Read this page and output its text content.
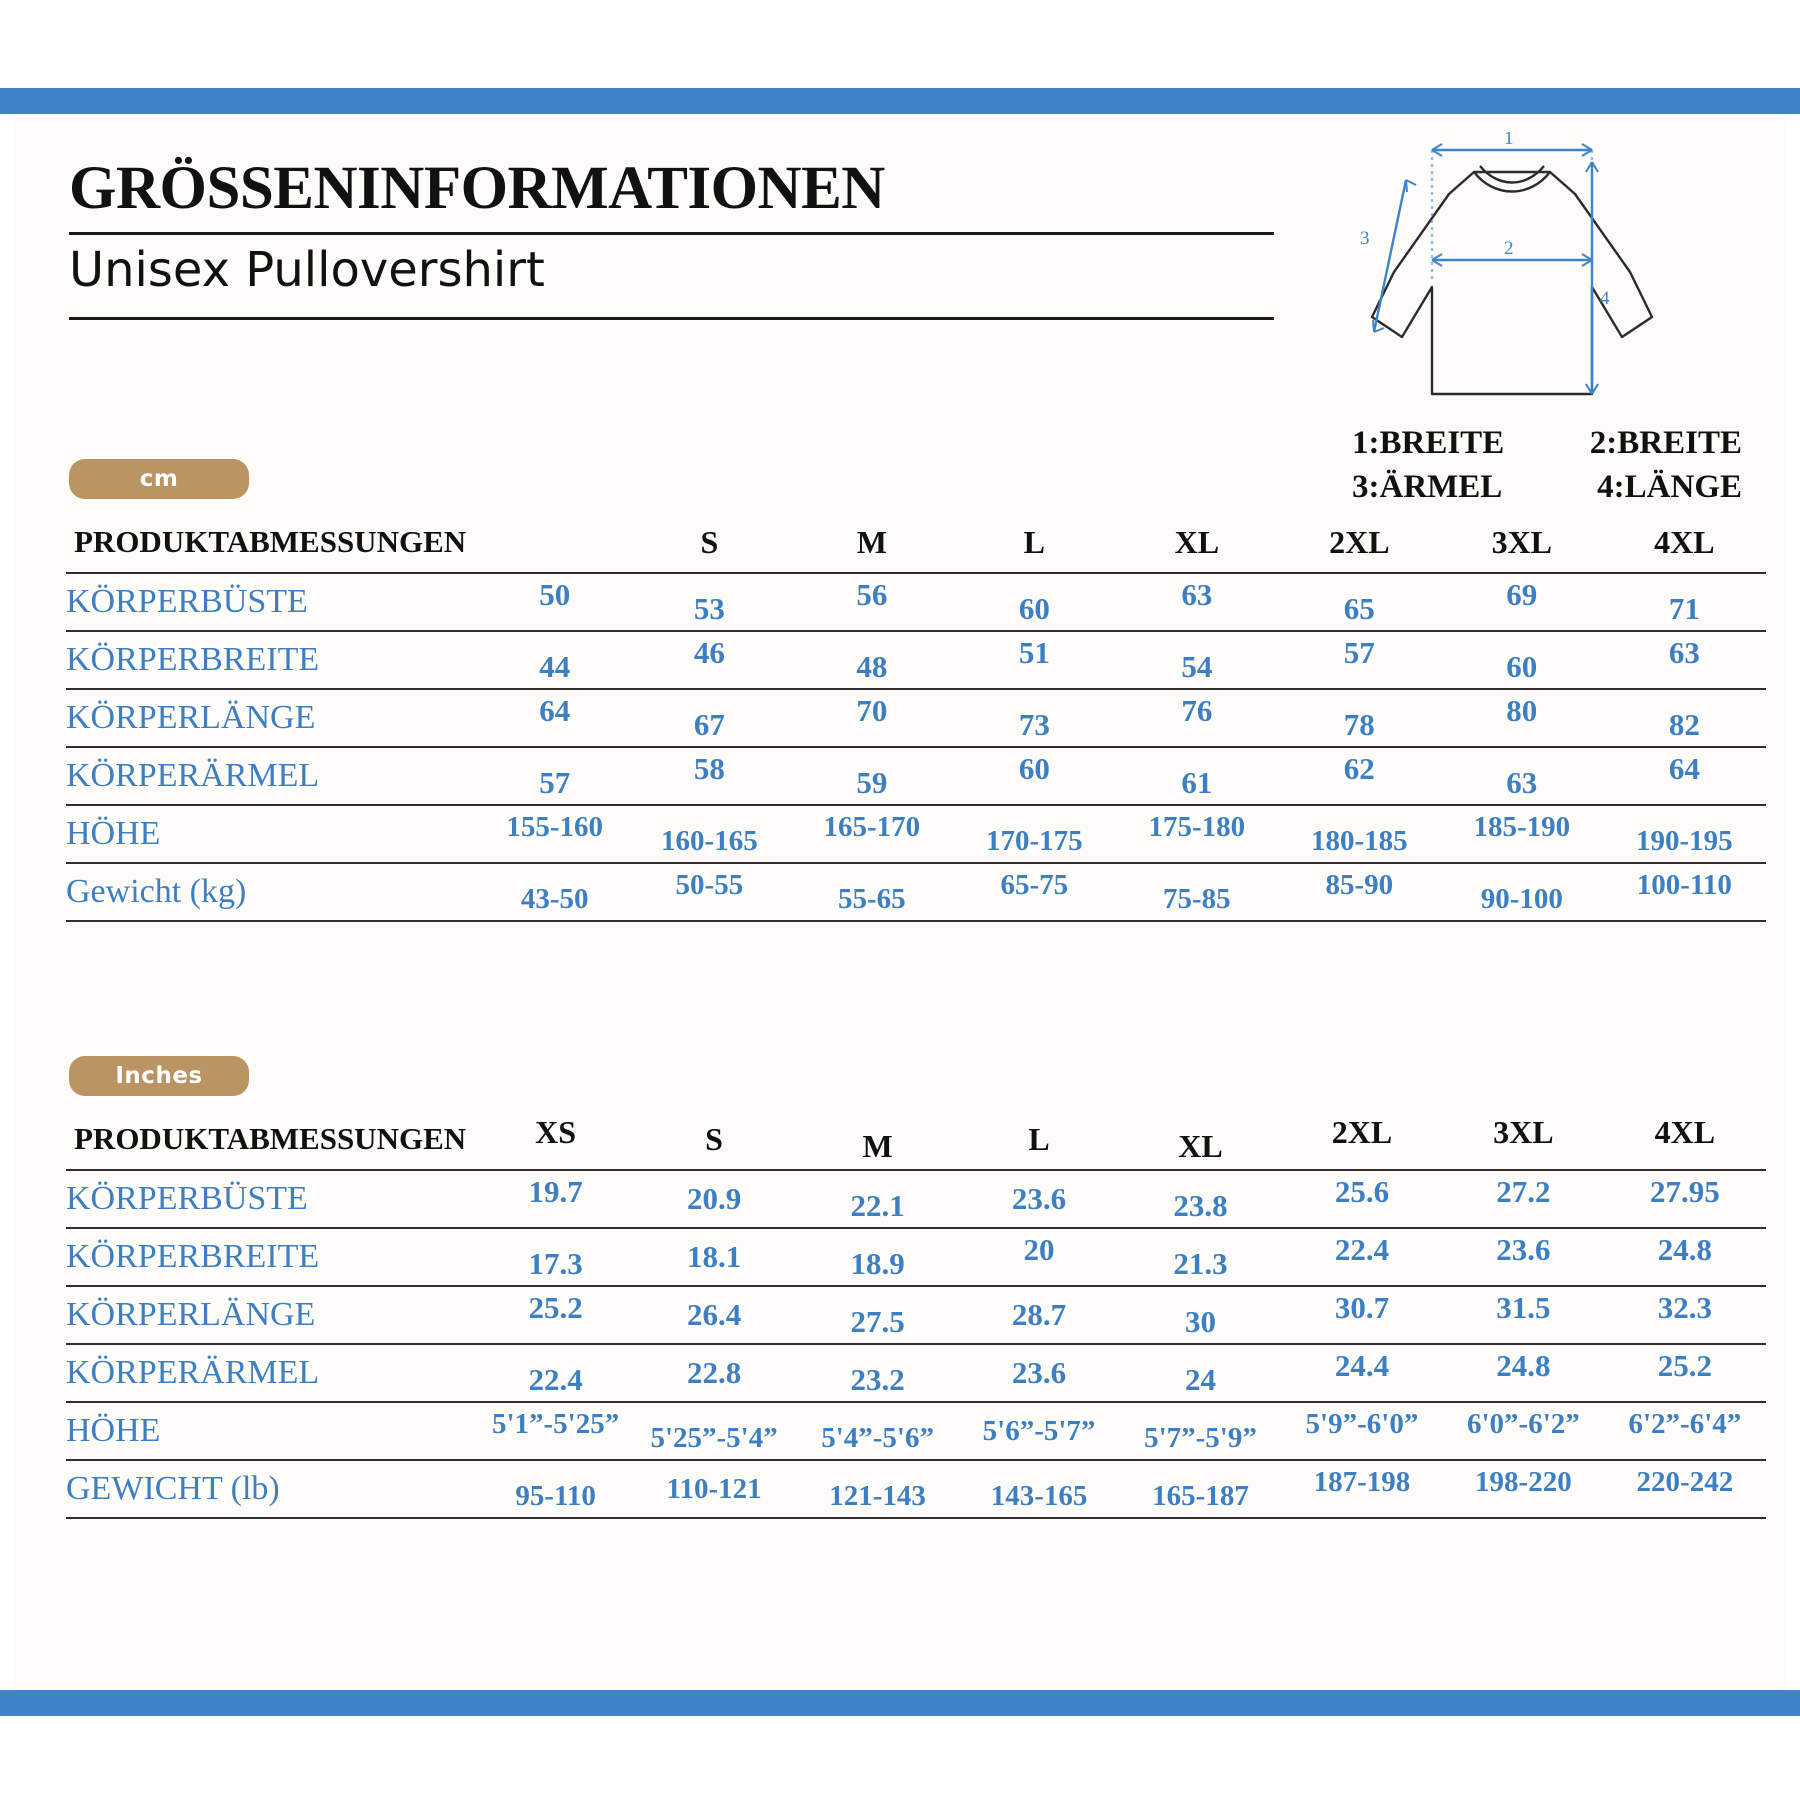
GRÖSSENINFORMATIONEN
Unisex Pullovershirt
1
2
3
4
1:BREITE	2:BREITE
3:ÄRMEL	4:LÄNGE
cm
PRODUKTABMESSUNGEN		S	M	L	XL	2XL	3XL	4XL
KÖRPERBÜSTE	50	53	56	60	63	65	69	71
KÖRPERBREITE	44	46	48	51	54	57	60	63
KÖRPERLÄNGE	64	67	70	73	76	78	80	82
KÖRPERÄRMEL	57	58	59	60	61	62	63	64
HÖHE	155-160	160-165	165-170	170-175	175-180	180-185	185-190	190-195
Gewicht (kg)	43-50	50-55	55-65	65-75	75-85	85-90	90-100	100-110
Inches
PRODUKTABMESSUNGEN	XS	S	M	L	XL	2XL	3XL	4XL
KÖRPERBÜSTE	19.7	20.9	22.1	23.6	23.8	25.6	27.2	27.95
KÖRPERBREITE	17.3	18.1	18.9	20	21.3	22.4	23.6	24.8
KÖRPERLÄNGE	25.2	26.4	27.5	28.7	30	30.7	31.5	32.3
KÖRPERÄRMEL	22.4	22.8	23.2	23.6	24	24.4	24.8	25.2
HÖHE	5'1”-5'25”	5'25”-5'4”	5'4”-5'6”	5'6”-5'7”	5'7”-5'9”	5'9”-6'0”	6'0”-6'2”	6'2”-6'4”
GEWICHT (lb)	95-110	110-121	121-143	143-165	165-187	187-198	198-220	220-242
